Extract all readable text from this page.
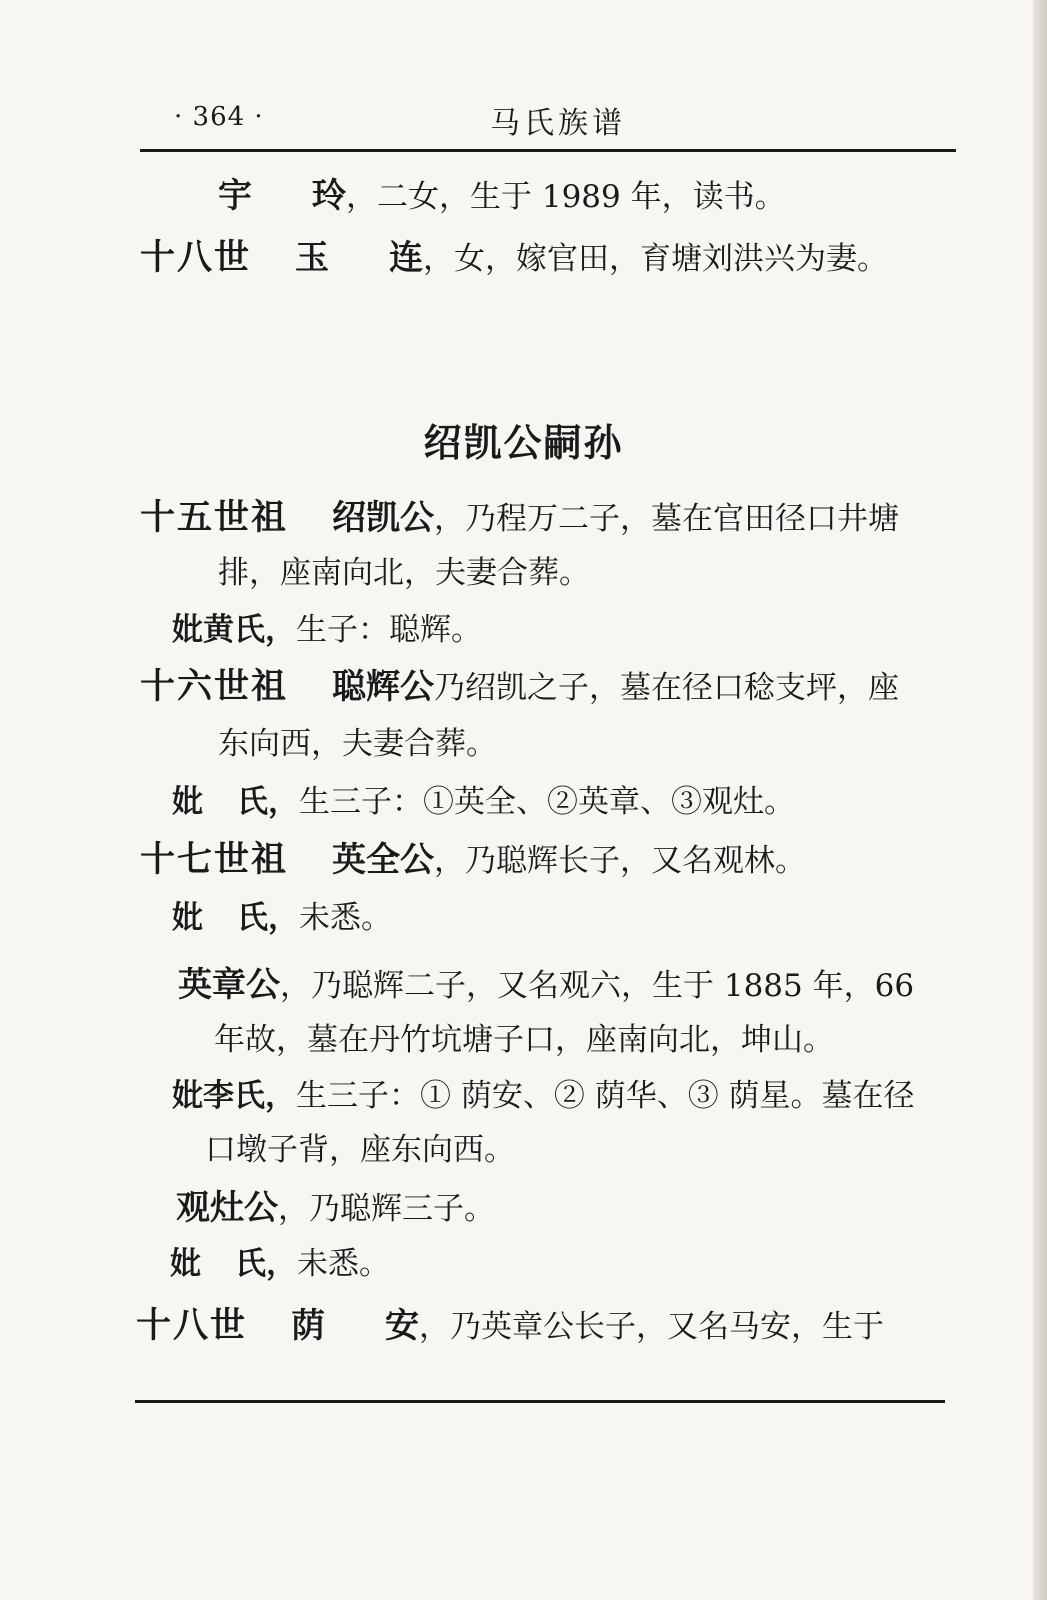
· 364 ·	马氏族谱
宇 玲，二女，生于 1989 年，读书。
十八世 玉 连，女，嫁官田，育塘刘洪兴为妻。
绍凯公嗣孙
十五世祖 绍凯公，乃程万二子，墓在官田径口井塘
排，座南向北，夫妻合葬。
妣黄氏，生子：聪辉。
十六世祖 聪辉公乃绍凯之子，墓在径口稔支坪，座
东向西，夫妻合葬。
妣 氏，生三子：①英全、②英章、③观灶。
十七世祖 英全公，乃聪辉长子，又名观林。
妣 氏，未悉。
英章公，乃聪辉二子，又名观六，生于 1885 年，66
年故，墓在丹竹坑塘子口，座南向北，坤山。
妣李氏，生三子：① 荫安、② 荫华、③ 荫星。墓在径
口墩子背，座东向西。
观灶公，乃聪辉三子。
妣 氏，未悉。
十八世 荫 安，乃英章公长子，又名马安，生于
